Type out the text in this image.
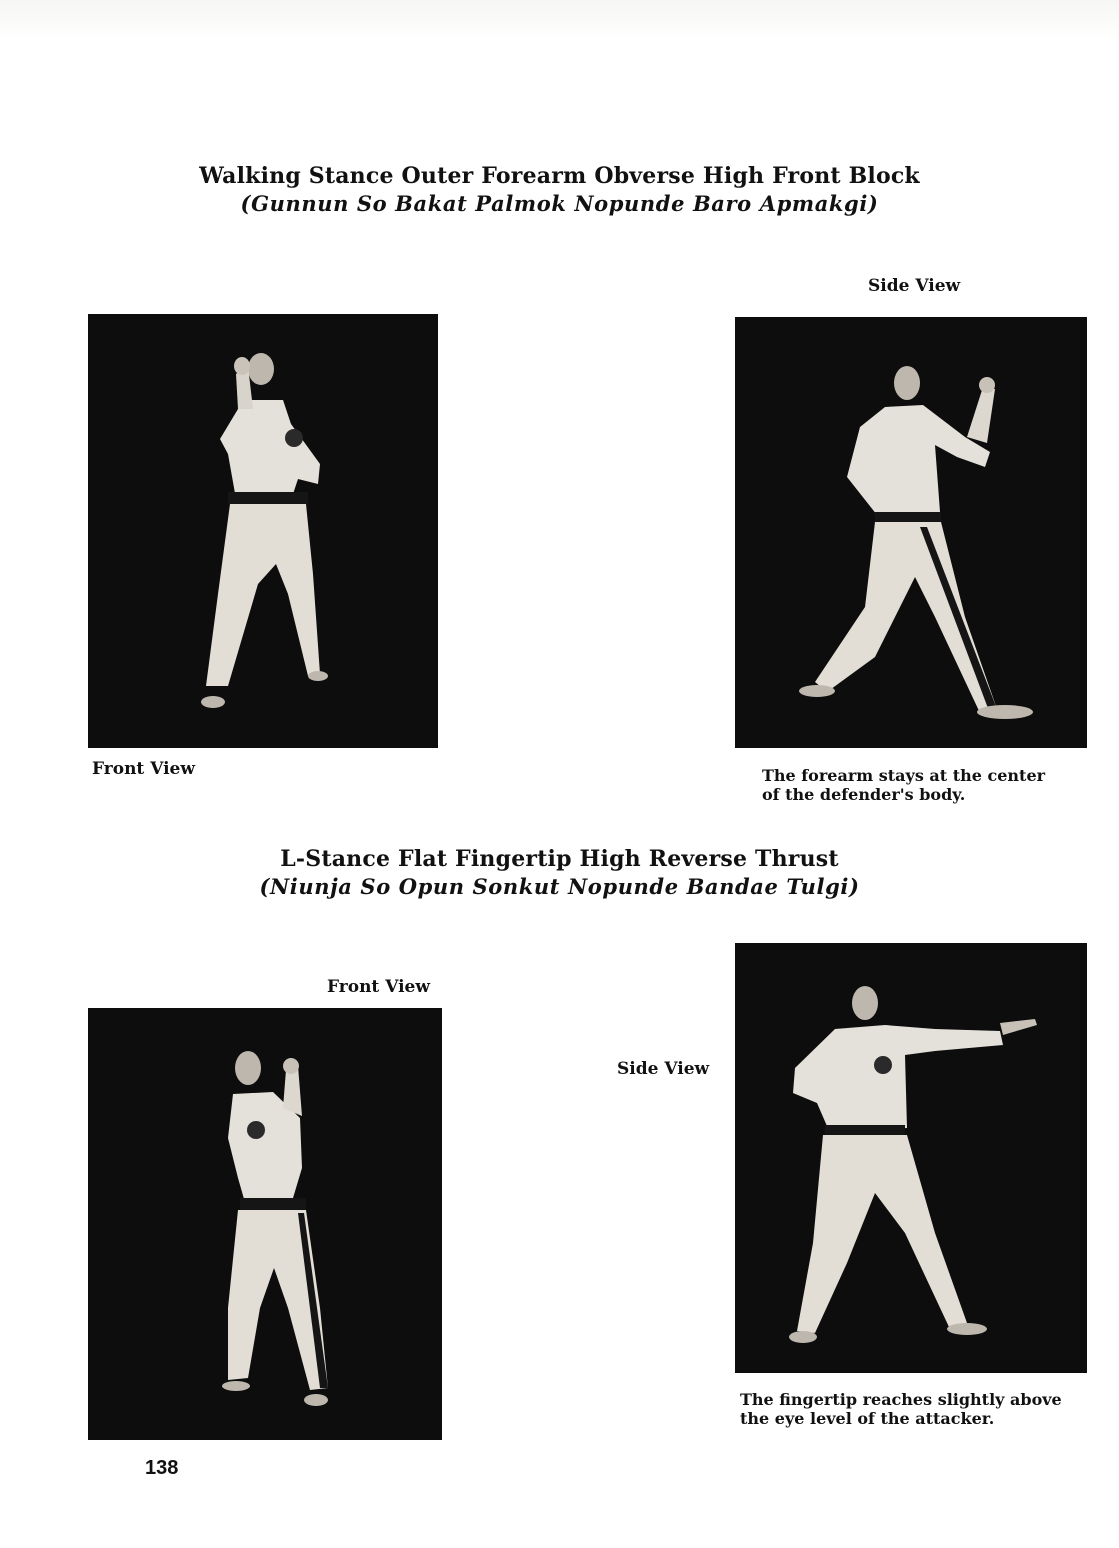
Walking Stance Outer Forearm Obverse High Front Block
(Gunnun So Bakat Palmok Nopunde Baro Apmakgi)
Side View
Front View	The forearm stays at the center
of the defender's body.
L-Stance Flat Fingertip High Reverse Thrust
(Niunja So Opun Sonkut Nopunde Bandae Tulgi)
Front View
Side View
The fingertip reaches slightly above
the eye level of the attacker.
138
